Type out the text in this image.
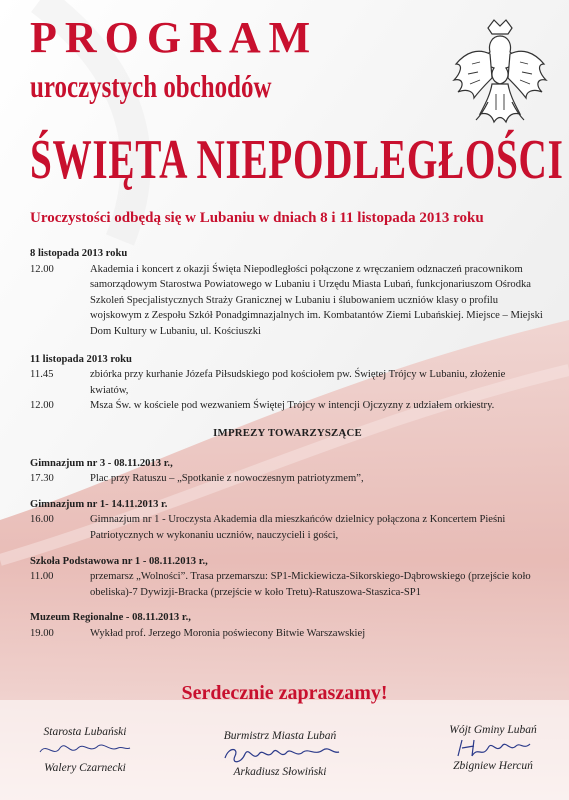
PROGRAM
uroczystych obchodów
ŚWIĘTA NIEPODLEGŁOŚCI
Uroczystości odbędą się w Lubaniu w dniach 8 i 11 listopada 2013 roku
8 listopada 2013 roku
12.00	Akademia i koncert z okazji Święta Niepodległości połączone z wręczaniem odznaczeń pracownikom samorządowym Starostwa Powiatowego w Lubaniu i Urzędu Miasta Lubań, funkcjonariuszom Ośrodka Szkoleń Specjalistycznych Straży Granicznej w Lubaniu i ślubowaniem uczniów klasy o profilu wojskowym z Zespołu Szkół Ponadgimnazjalnych im. Kombatantów Ziemi Lubańskiej. Miejsce – Miejski Dom Kultury w Lubaniu, ul. Kościuszki
11 listopada 2013 roku
11.45	zbiórka przy kurhanie Józefa Piłsudskiego pod kościołem pw. Świętej Trójcy w Lubaniu, złożenie kwiatów,
12.00	Msza Św. w kościele pod wezwaniem Świętej Trójcy w intencji Ojczyzny z udziałem orkiestry.
IMPREZY TOWARZYSZĄCE
Gimnazjum nr 3 - 08.11.2013 r.,
17.30	Plac przy Ratuszu – „Spotkanie z nowoczesnym patriotyzmem”,
Gimnazjum nr 1- 14.11.2013 r.
16.00	Gimnazjum nr 1 - Uroczysta Akademia dla mieszkańców dzielnicy połączona z Koncertem Pieśni Patriotycznych w wykonaniu uczniów, nauczycieli i gości,
Szkoła Podstawowa nr 1 - 08.11.2013 r.,
11.00	przemarsz „Wolności”. Trasa przemarszu: SP1-Mickiewicza-Sikorskiego-Dąbrowskiego (przejście koło obeliska)-7 Dywizji-Bracka (przejście w koło Tretu)-Ratuszowa-Staszica-SP1
Muzeum Regionalne - 08.11.2013 r.,
19.00	Wykład prof. Jerzego Moronia poświecony Bitwie Warszawskiej
Serdecznie zapraszamy!
Starosta Lubański
Walery Czarnecki
Burmistrz Miasta Lubań
Arkadiusz Słowiński
Wójt Gminy Lubań
Zbigniew Hercuń
